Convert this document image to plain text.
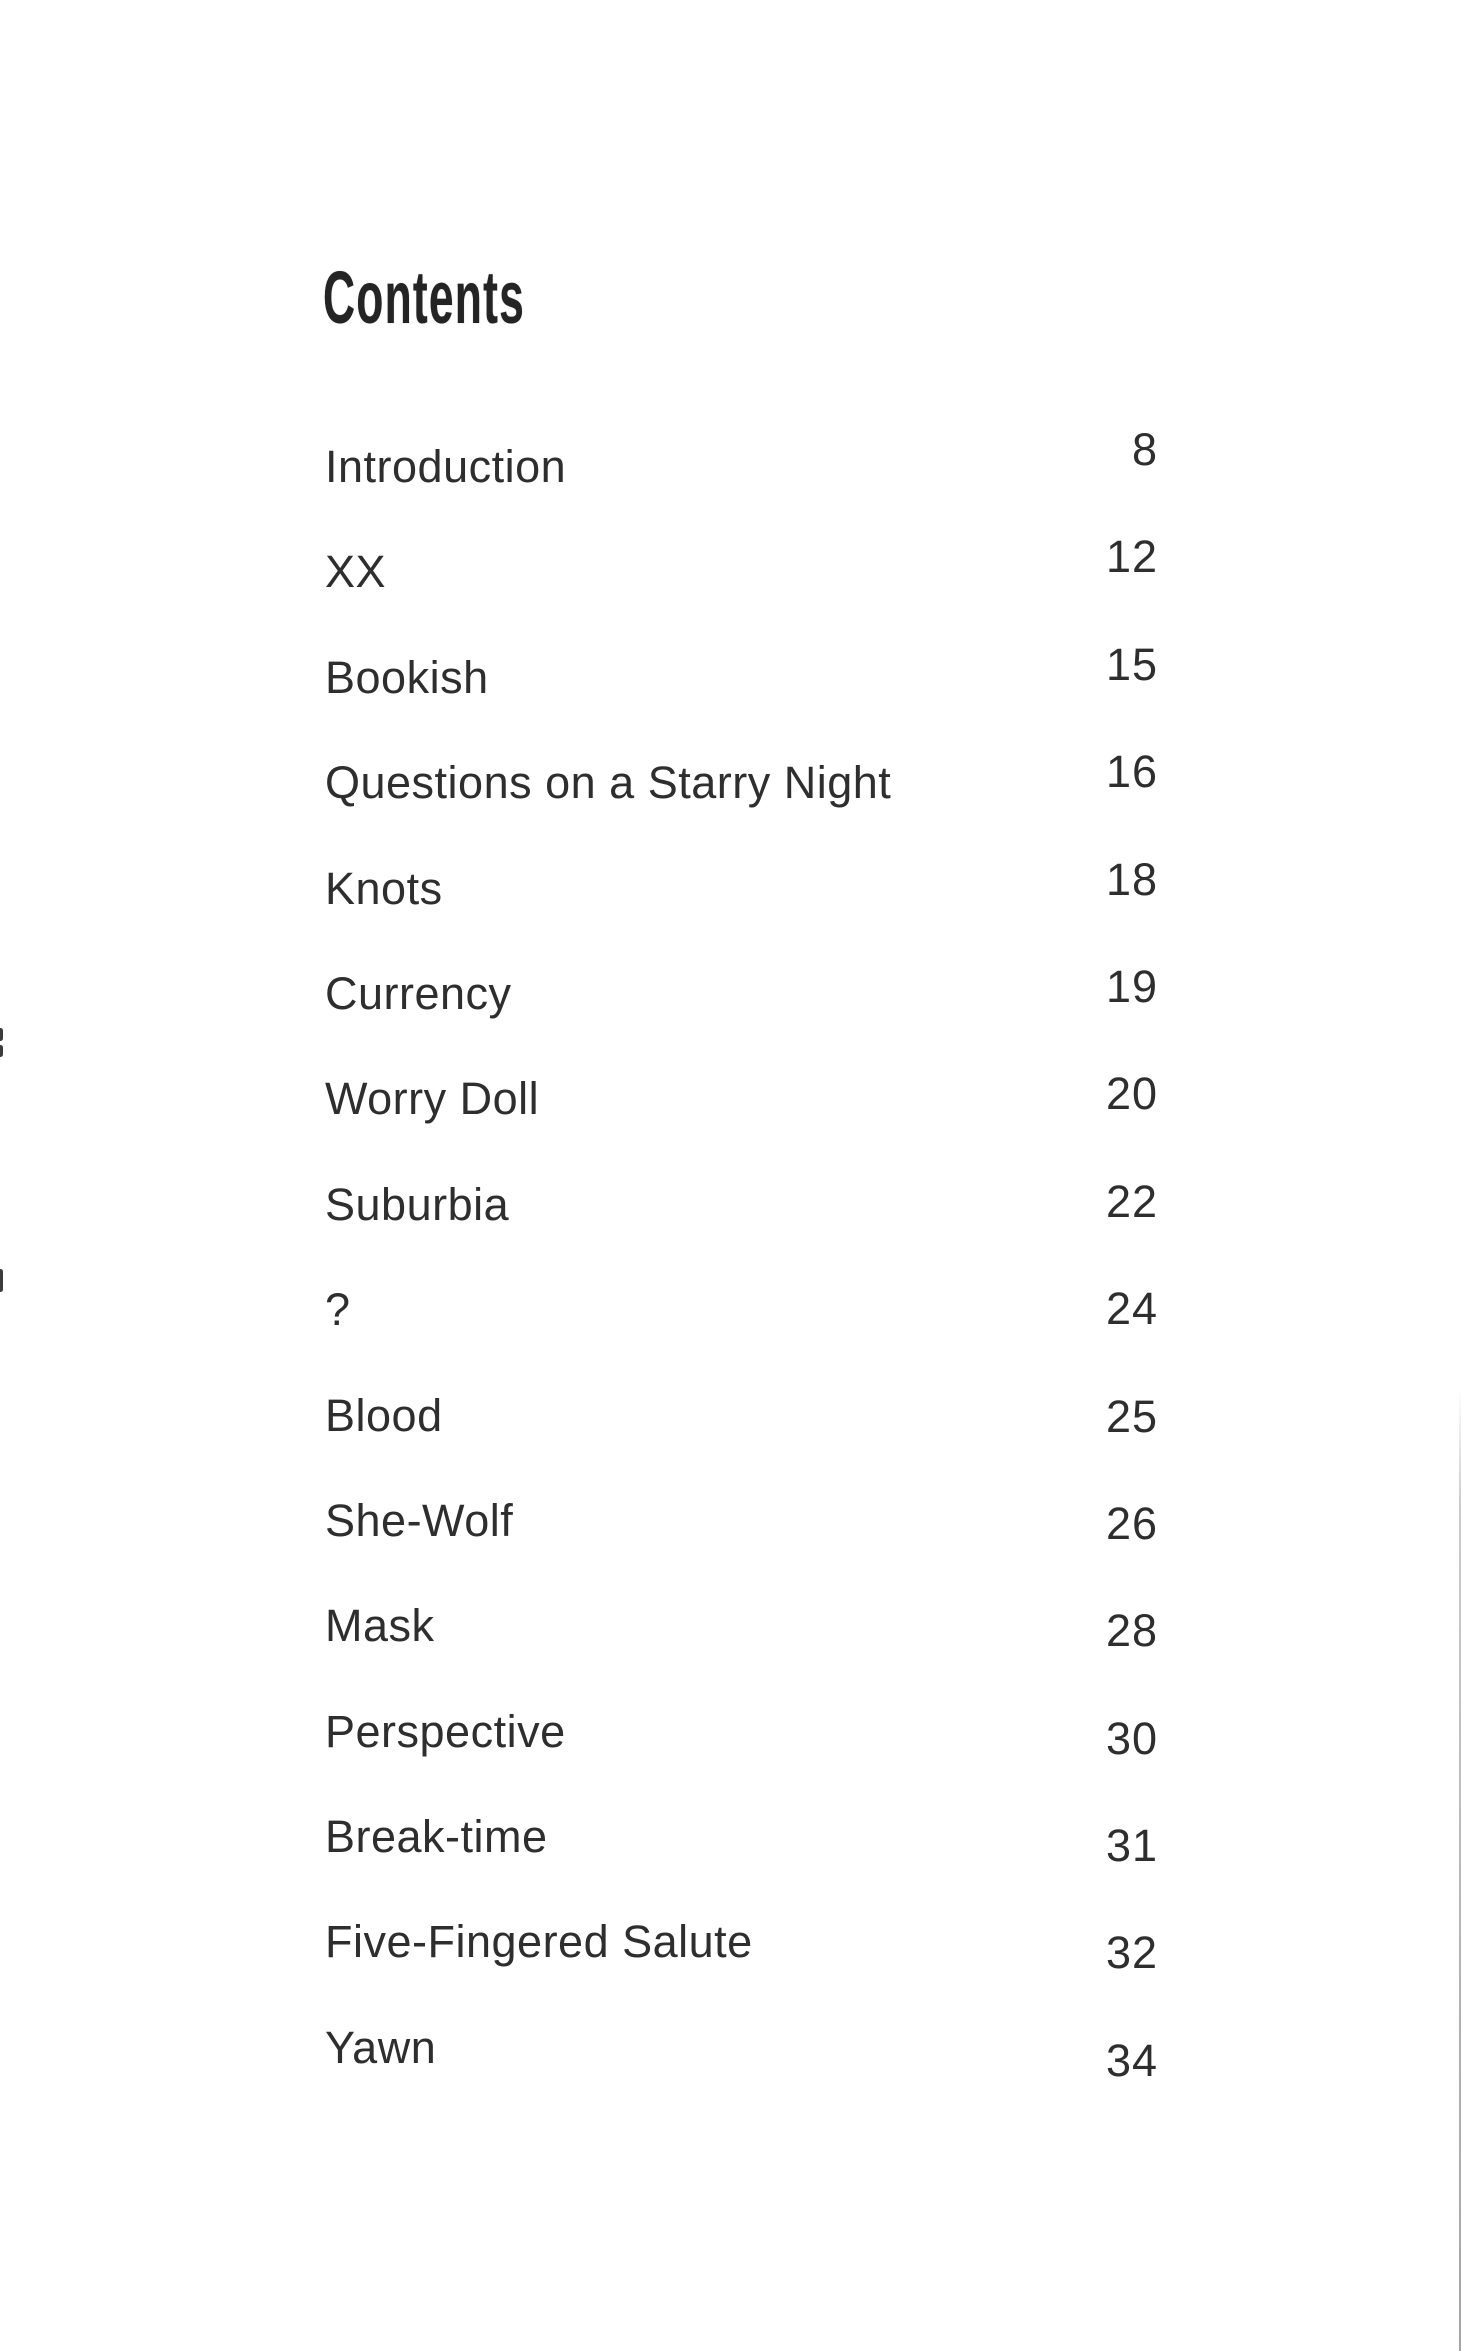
Contents
Introduction
XX
Bookish
Questions on a Starry Night
Knots
Currency
Worry Doll
Suburbia
?
Blood
She-Wolf
Mask
Perspective
Break-time
Five-Fingered Salute
Yawn
8
12
15
16
18
19
20
22
24
25
26
28
30
31
32
34
